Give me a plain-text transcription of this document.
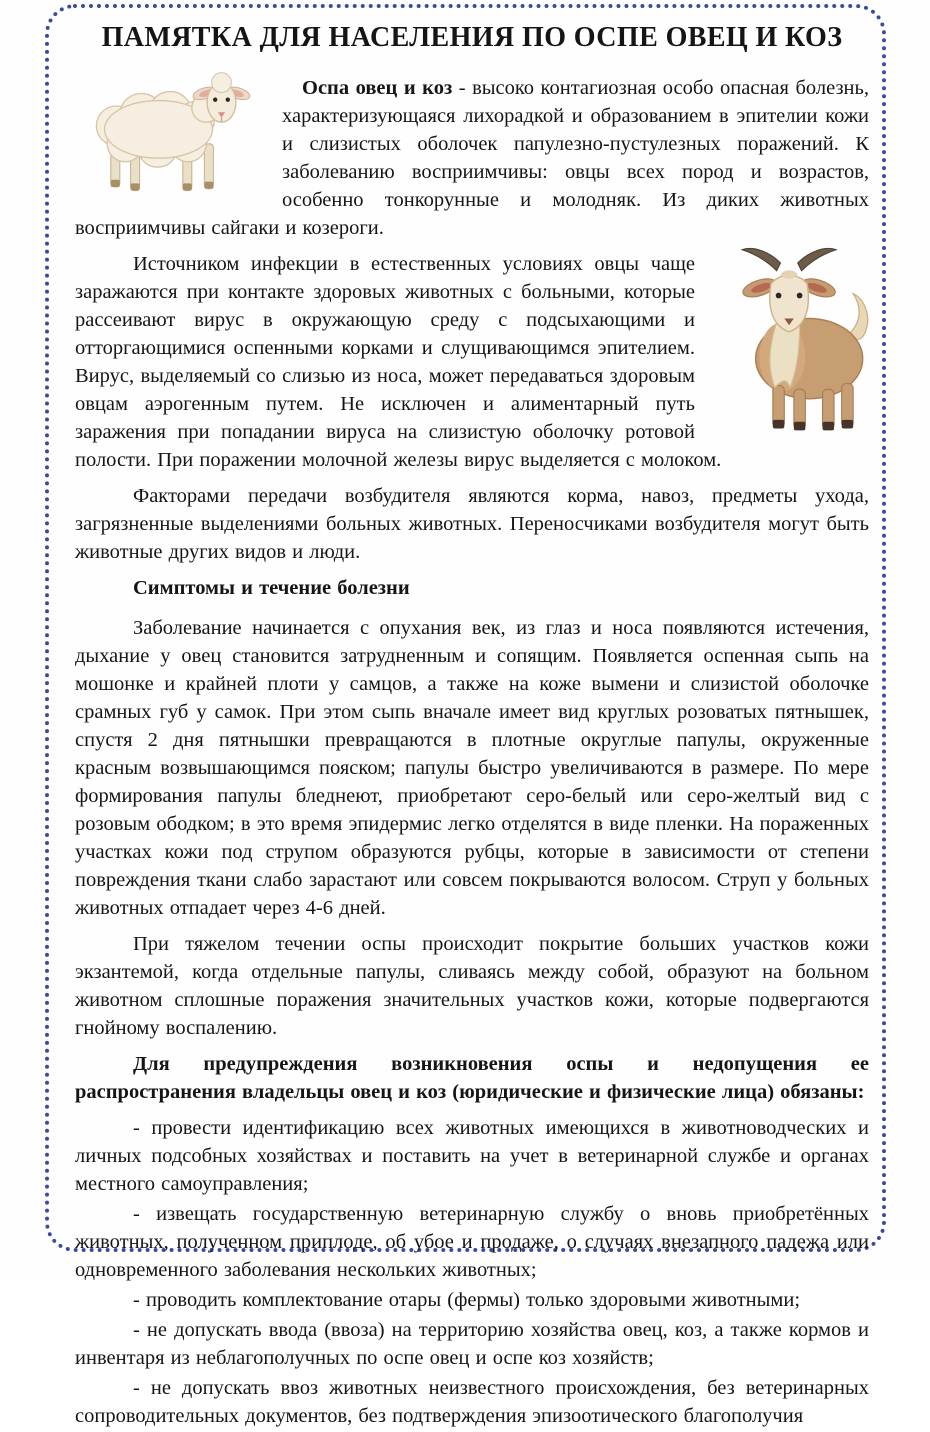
ПАМЯТКА ДЛЯ НАСЕЛЕНИЯ ПО ОСПЕ ОВЕЦ И КОЗ

Оспа овец и коз - высоко контагиозная особо опасная болезнь, характеризующаяся лихорадкой и образованием в эпителии кожи и слизистых оболочек папулезно-пустулезных поражений. К заболеванию восприимчивы: овцы всех пород и возрастов, особенно тонкорунные и молодняк. Из диких животных восприимчивы сайгаки и козероги.

Источником инфекции в естественных условиях овцы чаще заражаются при контакте здоровых животных с больными, которые рассеивают вирус в окружающую среду с подсыхающими и отторгающимися оспенными корками и слущивающимся эпителием. Вирус, выделяемый со слизью из носа, может передаваться здоровым овцам аэрогенным путем. Не исключен и алиментарный путь заражения при попадании вируса на слизистую оболочку ротовой полости. При поражении молочной железы вирус выделяется с молоком.

Факторами передачи возбудителя являются корма, навоз, предметы ухода, загрязненные выделениями больных животных. Переносчиками возбудителя могут быть животные других видов и люди.

Симптомы и течение болезни

Заболевание начинается с опухания век, из глаз и носа появляются истечения, дыхание у овец становится затрудненным и сопящим. Появляется оспенная сыпь на мошонке и крайней плоти у самцов, а также на коже вымени и слизистой оболочке срамных губ у самок. При этом сыпь вначале имеет вид круглых розоватых пятнышек, спустя 2 дня пятнышки превращаются в плотные округлые папулы, окруженные красным возвышающимся пояском; папулы быстро увеличиваются в размере. По мере формирования папулы бледнеют, приобретают серо-белый или серо-желтый вид с розовым ободком; в это время эпидермис легко отделятся в виде пленки. На пораженных участках кожи под струпом образуются рубцы, которые в зависимости от степени повреждения ткани слабо зарастают или совсем покрываются волосом. Струп у больных животных отпадает через 4-6 дней.

При тяжелом течении оспы происходит покрытие больших участков кожи экзантемой, когда отдельные папулы, сливаясь между собой, образуют на больном животном сплошные поражения значительных участков кожи, которые подвергаются гнойному воспалению.

Для предупреждения возникновения оспы и недопущения ее распространения владельцы овец и коз (юридические и физические лица) обязаны:

- провести идентификацию всех животных имеющихся в животноводческих и личных подсобных хозяйствах и поставить на учет в ветеринарной службе и органах местного самоуправления;

- извещать государственную ветеринарную службу о вновь приобретённых животных, полученном приплоде, об убое и продаже, о случаях внезапного падежа или одновременного заболевания нескольких животных;

- проводить комплектование отары (фермы) только здоровыми животными;

- не допускать ввода (ввоза) на территорию хозяйства овец, коз, а также кормов и инвентаря из неблагополучных по оспе овец и оспе коз хозяйств;

- не допускать ввоз животных неизвестного происхождения, без ветеринарных сопроводительных документов, без подтверждения эпизоотического благополучия
